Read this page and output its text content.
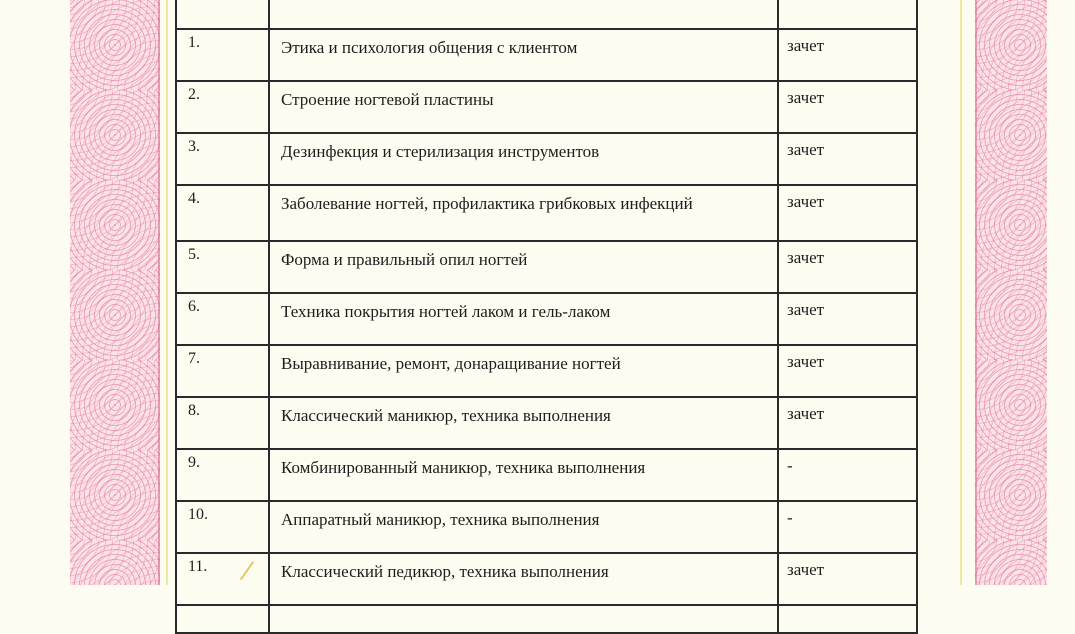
1.	Этика и психология общения с клиентом	зачет
2.	Строение ногтевой пластины	зачет
3.	Дезинфекция и стерилизация инструментов	зачет
4.	Заболевание ногтей, профилактика грибковых инфекций	зачет
5.	Форма и правильный опил ногтей	зачет
6.	Техника покрытия ногтей лаком и гель-лаком	зачет
7.	Выравнивание, ремонт, донаращивание ногтей	зачет
8.	Классический маникюр, техника выполнения	зачет
9.	Комбинированный маникюр, техника выполнения	-
10.	Аппаратный маникюр, техника выполнения	-
11.	Классический педикюр, техника выполнения	зачет
